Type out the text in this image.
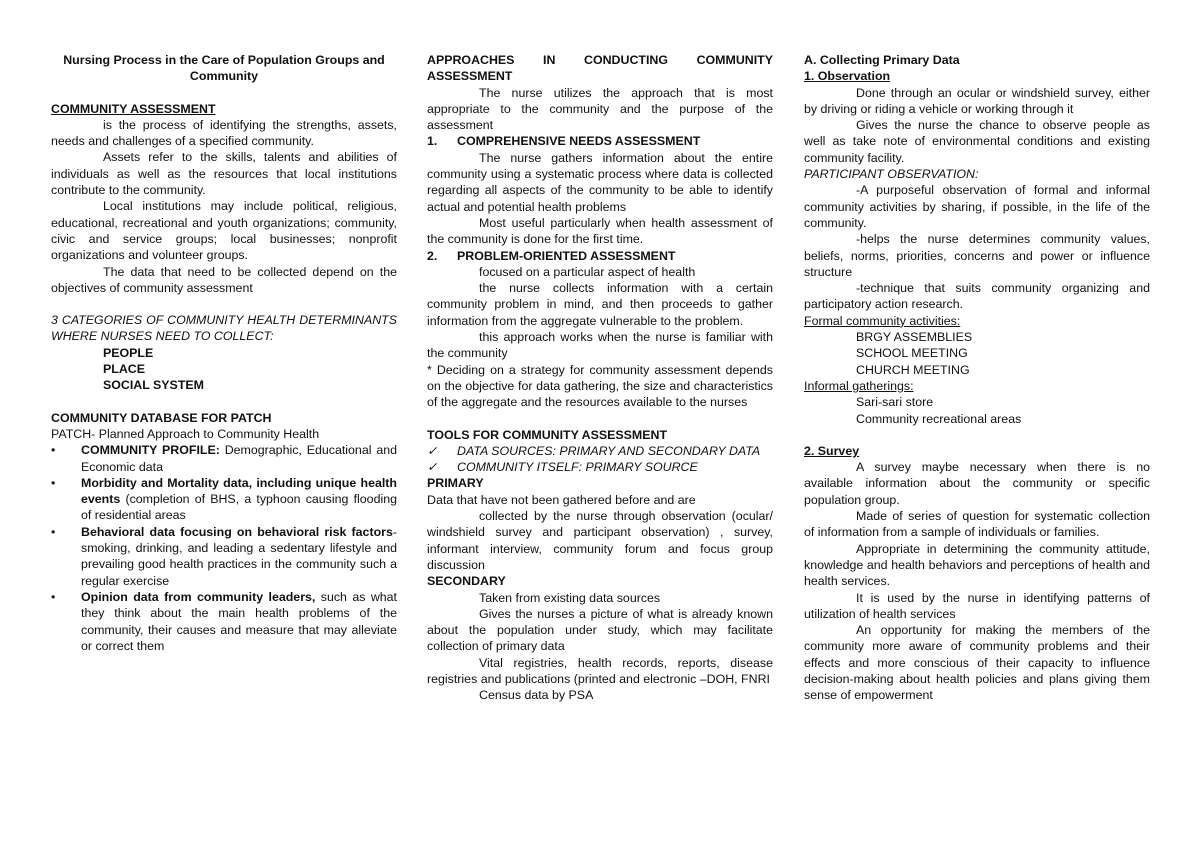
Nursing Process in the Care of Population Groups and Community

COMMUNITY ASSESSMENT

is the process of identifying the strengths, assets, needs and challenges of a specified community.

Assets refer to the skills, talents and abilities of individuals as well as the resources that local institutions contribute to the community.

Local institutions may include political, religious, educational, recreational and youth organizations; community, civic and service groups; local businesses; nonprofit organizations and volunteer groups.

The data that need to be collected depend on the objectives of community assessment

3 CATEGORIES OF COMMUNITY HEALTH DETERMINANTS WHERE NURSES NEED TO COLLECT:

PEOPLE

PLACE

SOCIAL SYSTEM

COMMUNITY DATABASE FOR PATCH

PATCH- Planned Approach to Community Health

• COMMUNITY PROFILE: Demographic, Educational and Economic data
• Morbidity and Mortality data, including unique health events (completion of BHS, a typhoon causing flooding of residential areas
• Behavioral data focusing on behavioral risk factors- smoking, drinking, and leading a sedentary lifestyle and prevailing good health practices in the community such a regular exercise
• Opinion data from community leaders, such as what they think about the main health problems of the community, their causes and measure that may alleviate or correct them

APPROACHES IN CONDUCTING COMMUNITY ASSESSMENT

The nurse utilizes the approach that is most appropriate to the community and the purpose of the assessment

1. COMPREHENSIVE NEEDS ASSESSMENT

The nurse gathers information about the entire community using a systematic process where data is collected regarding all aspects of the community to be able to identify actual and potential health problems

Most useful particularly when health assessment of the community is done for the first time.

2. PROBLEM-ORIENTED ASSESSMENT

focused on a particular aspect of health

the nurse collects information with a certain community problem in mind, and then proceeds to gather information from the aggregate vulnerable to the problem.

this approach works when the nurse is familiar with the community

* Deciding on a strategy for community assessment depends on the objective for data gathering, the size and characteristics of the aggregate and the resources available to the nurses

TOOLS FOR COMMUNITY ASSESSMENT

✓ DATA SOURCES: PRIMARY AND SECONDARY DATA

✓ COMMUNITY ITSELF: PRIMARY SOURCE

PRIMARY

Data that have not been gathered before and are

collected by the nurse through observation (ocular/ windshield survey and participant observation) , survey, informant interview, community forum and focus group discussion

SECONDARY

Taken from existing data sources

Gives the nurses a picture of what is already known about the population under study, which may facilitate collection of primary data

Vital registries, health records, reports, disease registries and publications (printed and electronic –DOH, FNRI

Census data by PSA

A. Collecting Primary Data

1. Observation

Done through an ocular or windshield survey, either by driving or riding a vehicle or working through it

Gives the nurse the chance to observe people as well as take note of environmental conditions and existing community facility.

PARTICIPANT OBSERVATION:

-A purposeful observation of formal and informal community activities by sharing, if possible, in the life of the community.

-helps the nurse determines community values, beliefs, norms, priorities, concerns and power or influence structure

-technique that suits community organizing and participatory action research.

Formal community activities:

BRGY ASSEMBLIES

SCHOOL MEETING

CHURCH MEETING

Informal gatherings:

Sari-sari store

Community recreational areas

2. Survey

A survey maybe necessary when there is no available information about the community or specific population group.

Made of series of question for systematic collection of information from a sample of individuals or families.

Appropriate in determining the community attitude, knowledge and health behaviors and perceptions of health and health services.

It is used by the nurse in identifying patterns of utilization of health services

An opportunity for making the members of the community more aware of community problems and their effects and more conscious of their capacity to influence decision-making about health policies and plans giving them sense of empowerment
